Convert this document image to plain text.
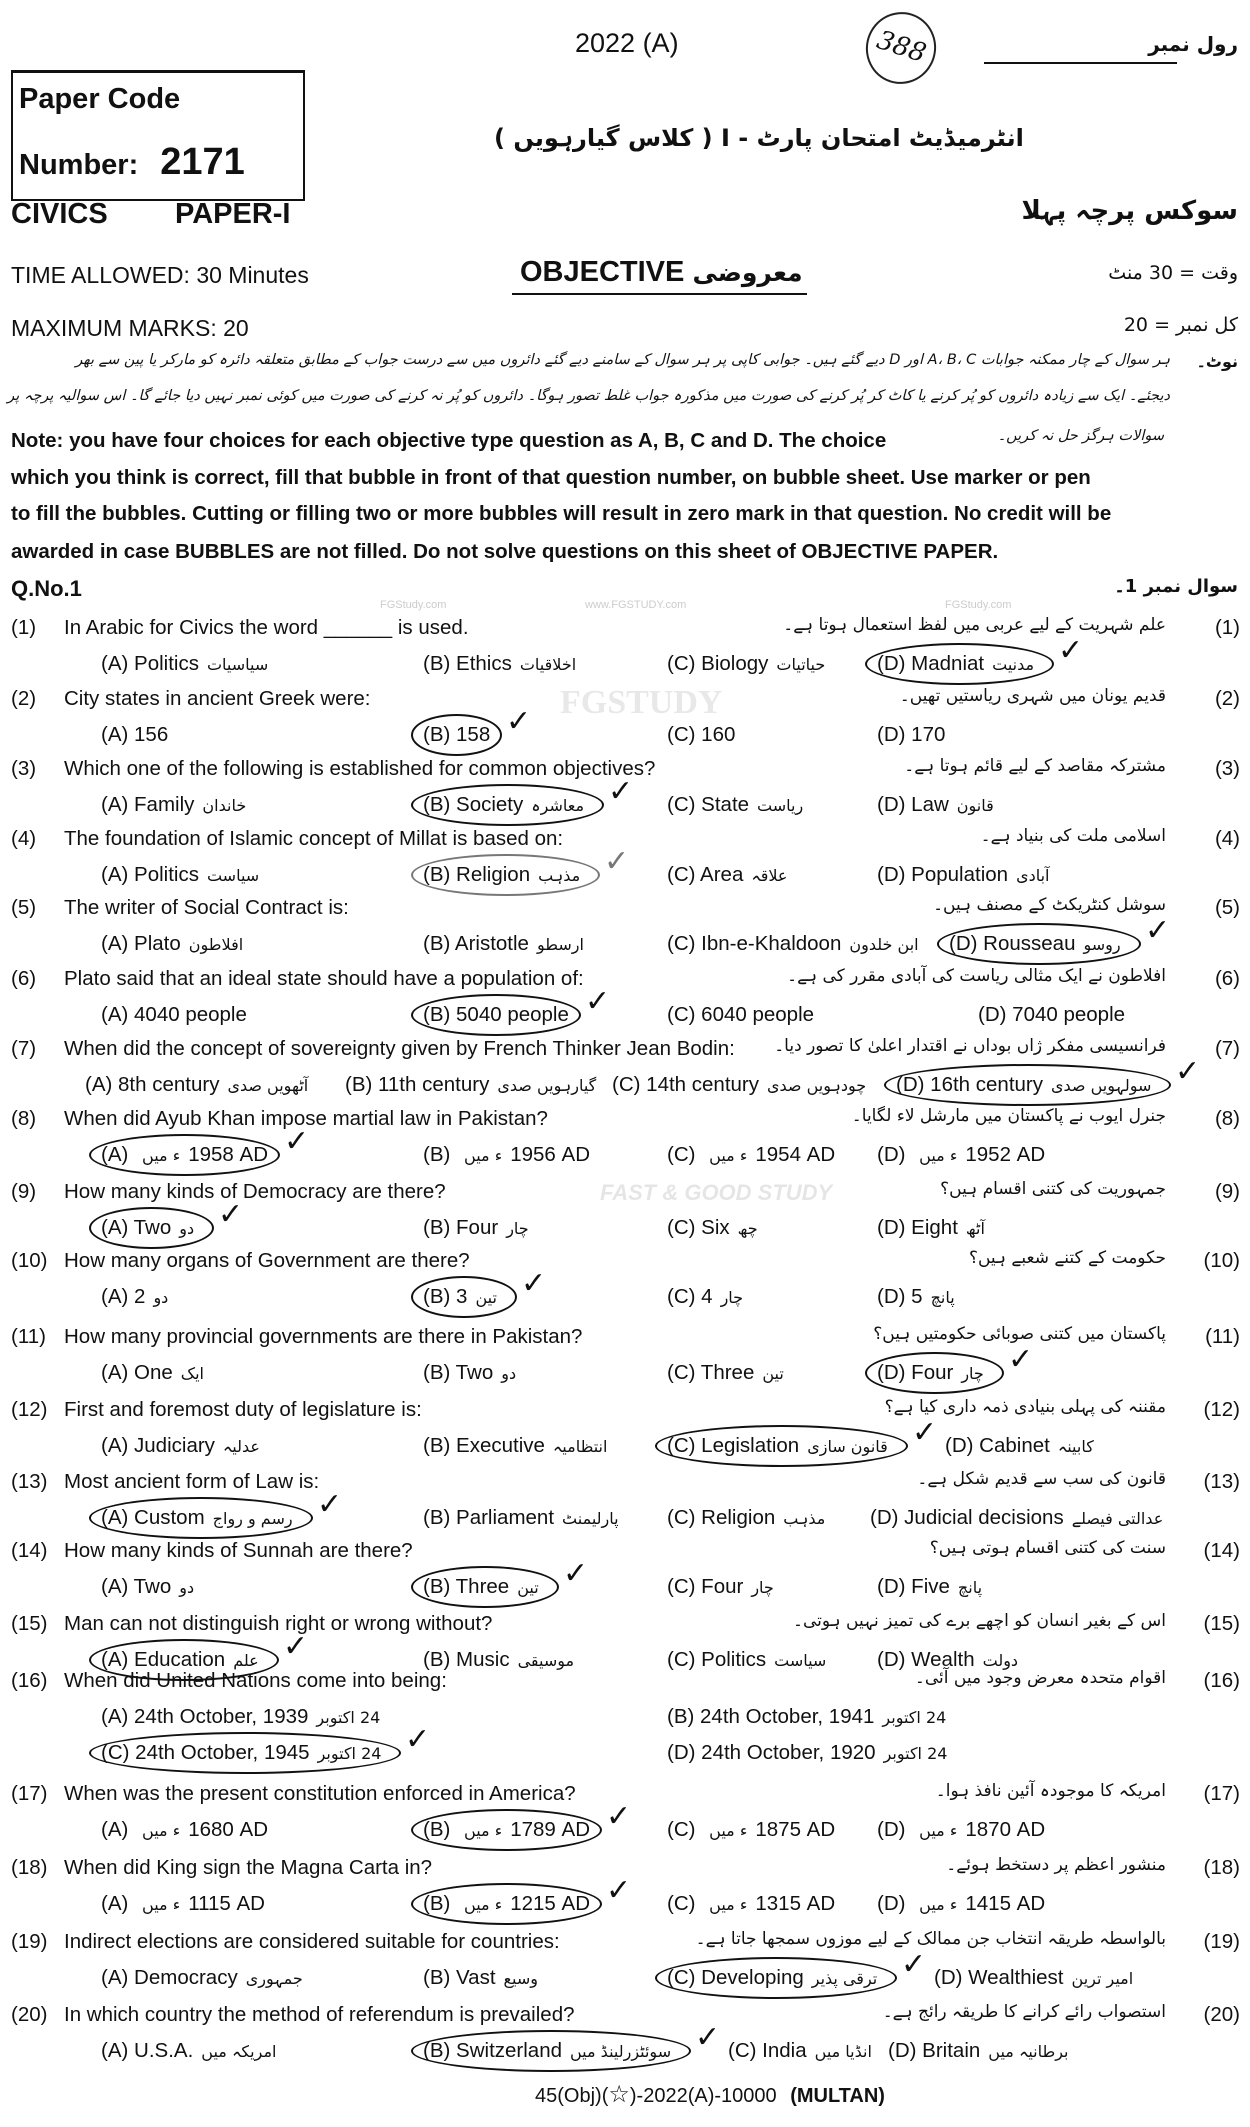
FGSTUDY
FAST & GOOD STUDY
FGStudy.com	www.FGSTUDY.com	FGStudy.com
Paper Code
Number: 2171
2022 (A)	388	رول نمبر
انٹرمیڈیٹ امتحان پارٹ - I ( کلاس گیارہویں )
CIVICS PAPER-I	سوکس پرچہ پہلا
TIME ALLOWED: 30 Minutes	OBJECTIVE معروضی	وقت = 30 منٹ
MAXIMUM MARKS: 20	کل نمبر = 20
نوٹ۔
ہر سوال کے چار ممکنہ جوابات A، B، C اور D دیے گئے ہیں۔ جوابی کاپی پر ہر سوال کے سامنے دیے گئے دائروں میں سے درست جواب کے مطابق متعلقہ دائرہ کو مارکر یا پین سے بھر
دیجئے۔ ایک سے زیادہ دائروں کو پُر کرنے یا کاٹ کر پُر کرنے کی صورت میں مذکورہ جواب غلط تصور ہوگا۔ دائروں کو پُر نہ کرنے کی صورت میں کوئی نمبر نہیں دیا جائے گا۔ اس سوالیہ پرچہ پر
سوالات ہرگز حل نہ کریں۔
Note: you have four choices for each objective type question as A, B, C and D. The choice
which you think is correct, fill that bubble in front of that question number, on bubble sheet. Use marker or pen
to fill the bubbles. Cutting or filling two or more bubbles will result in zero mark in that question. No credit will be
awarded in case BUBBLES are not filled. Do not solve questions on this sheet of OBJECTIVE PAPER.
Q.No.1	سوال نمبر 1۔
(1) In Arabic for Civics the word ______ is used.	علم شہریت کے لیے عربی میں لفظ استعمال ہوتا ہے۔ (1)
(A) Politics سیاسیات	(B) Ethics اخلاقیات	(C) Biology حیاتیات	(D) Madniat مدنیت ✓
(2) City states in ancient Greek were:	قدیم یونان میں شہری ریاستیں تھیں۔ (2)
(A) 156	(B) 158 ✓	(C) 160	(D) 170
(3) Which one of the following is established for common objectives?	مشترکہ مقاصد کے لیے قائم ہوتا ہے۔ (3)
(A) Family خاندان	(B) Society معاشرہ ✓ (C) State ریاست	(D) Law قانون
(4) The foundation of Islamic concept of Millat is based on:	اسلامی ملت کی بنیاد ہے۔ (4)
(A) Politics سیاست	(B) Religion مذہب ✓ (C) Area علاقہ	(D) Population آبادی
(5) The writer of Social Contract is:	سوشل کنٹریکٹ کے مصنف ہیں۔ (5)
(A) Plato افلاطون	(B) Aristotle ارسطو	(C) Ibn-e-Khaldoon ابن خلدون	(D) Rousseau روسو ✓
(6) Plato said that an ideal state should have a population of:	افلاطون نے ایک مثالی ریاست کی آبادی مقرر کی ہے۔ (6)
(A) 4040 people	(B) 5040 people ✓	(C) 6040 people	(D) 7040 people
(7) When did the concept of sovereignty given by French Thinker Jean Bodin: فرانسیسی مفکر ژاں بوداں نے اقتدار اعلیٰ کا تصور دیا۔ (7)
(A) 8th century آٹھویں صدی	(B) 11th century گیارہویں صدی (C) 14th century چودہویں صدی	(D) 16th century سولہویں صدی ✓
(8) When did Ayub Khan impose martial law in Pakistan?	جنرل ایوب نے پاکستان میں مارشل لاء لگایا۔ (8)
(A) ء میں 1958 AD ✓	(B) ء میں 1956 AD	(C) ء میں 1954 AD (D) ء میں 1952 AD
(9) How many kinds of Democracy are there?	جمہوریت کی کتنی اقسام ہیں؟ (9)
(A) Two دو ✓	(B) Four چار	(C) Six چھ	(D) Eight آٹھ
(10) How many organs of Government are there?	حکومت کے کتنے شعبے ہیں؟ (10)
(A) 2 دو	(B) 3 تین ✓	(C) 4 چار	(D) 5 پانچ
(11) How many provincial governments are there in Pakistan?	پاکستان میں کتنی صوبائی حکومتیں ہیں؟ (11)
(A) One ایک	(B) Two دو	(C) Three تین	(D) Four چار ✓
(12) First and foremost duty of legislature is:	مقننہ کی پہلی بنیادی ذمہ داری کیا ہے؟ (12)
(A) Judiciary عدلیہ	(B) Executive انتظامیہ	(C) Legislation قانون سازی ✓ (D) Cabinet کابینہ
(13) Most ancient form of Law is:	قانون کی سب سے قدیم شکل ہے۔ (13)
(A) Custom رسم و رواج ✓	(B) Parliament پارلیمنٹ	(C) Religion مذہب	(D) Judicial decisions عدالتی فیصلے
(14) How many kinds of Sunnah are there?	سنت کی کتنی اقسام ہوتی ہیں؟ (14)
(A) Two دو	(B) Three تین ✓	(C) Four چار	(D) Five پانچ
(15) Man can not distinguish right or wrong without?	اس کے بغیر انسان کو اچھے برے کی تمیز نہیں ہوتی۔ (15)
(A) Education علم ✓	(B) Music موسیقی	(C) Politics سیاست	(D) Wealth دولت
(16) When did United Nations come into being:	اقوام متحدہ معرض وجود میں آئی۔ (16)
(A) 24th October, 1939 24 اکتوبر	(B) 24th October, 1941 24 اکتوبر
(C) 24th October, 1945 24 اکتوبر ✓	(D) 24th October, 1920 24 اکتوبر
(17) When was the present constitution enforced in America?	امریکہ کا موجودہ آئین نافذ ہوا۔ (17)
(A) ء میں 1680 AD	(B) ء میں 1789 AD ✓ (C) ء میں 1875 AD (D) ء میں 1870 AD
(18) When did King sign the Magna Carta in?	منشور اعظم پر دستخط ہوئے۔ (18)
(A) ء میں 1115 AD	(B) ء میں 1215 AD ✓ (C) ء میں 1315 AD (D) ء میں 1415 AD
(19) Indirect elections are considered suitable for countries:	بالواسطہ طریقہ انتخاب جن ممالک کے لیے موزوں سمجھا جاتا ہے۔ (19)
(A) Democracy جمہوری	(B) Vast وسیع	(C) Developing ترقی پذیر ✓ (D) Wealthiest امیر ترین
(20) In which country the method of referendum is prevailed?	استصواب رائے کرانے کا طریقہ رائج ہے۔ (20)
(A) U.S.A. امریکہ میں	(B) Switzerland سوئٹزرلینڈ میں ✓ (C) India انڈیا میں (D) Britain برطانیہ میں
45(Obj)(☆)-2022(A)-10000 (MULTAN)
